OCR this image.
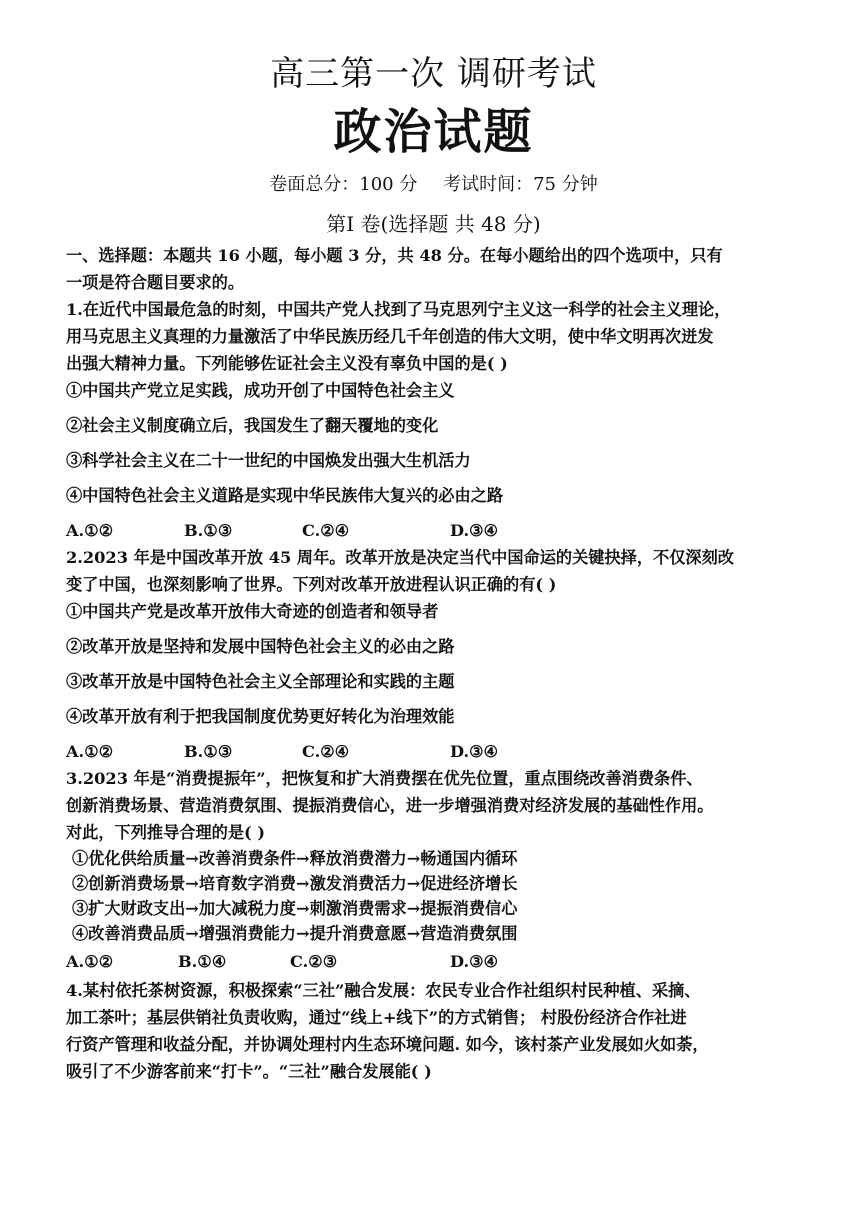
高三第一次 调研考试
政治试题
卷面总分：100 分 考试时间：75 分钟
第Ⅰ 卷(选择题 共 48 分)
一、选择题：本题共 16 小题，每小题 3 分，共 48 分。在每小题给出的四个选项中，只有
一项是符合题目要求的。
1.在近代中国最危急的时刻，中国共产党人找到了马克思列宁主义这一科学的社会主义理论，
用马克思主义真理的力量激活了中华民族历经几千年创造的伟大文明，使中华文明再次迸发
出强大精神力量。下列能够佐证社会主义没有辜负中国的是( )
①中国共产党立足实践，成功开创了中国特色社会主义
②社会主义制度确立后，我国发生了翻天覆地的变化
③科学社会主义在二十一世纪的中国焕发出强大生机活力
④中国特色社会主义道路是实现中华民族伟大复兴的必由之路
A.①②	B.①③	C.②④	D.③④
2.2023 年是中国改革开放 45 周年。改革开放是决定当代中国命运的关键抉择，不仅深刻改
变了中国，也深刻影响了世界。下列对改革开放进程认识正确的有( )
①中国共产党是改革开放伟大奇迹的创造者和领导者
②改革开放是坚持和发展中国特色社会主义的必由之路
③改革开放是中国特色社会主义全部理论和实践的主题
④改革开放有利于把我国制度优势更好转化为治理效能
A.①②	B.①③	C.②④	D.③④
3.2023 年是“消费提振年”，把恢复和扩大消费摆在优先位置，重点围绕改善消费条件、
创新消费场景、营造消费氛围、提振消费信心，进一步增强消费对经济发展的基础性作用。
对此，下列推导合理的是( )
①优化供给质量→改善消费条件→释放消费潜力→畅通国内循环
②创新消费场景→培育数字消费→激发消费活力→促进经济增长
③扩大财政支出→加大减税力度→刺激消费需求→提振消费信心
④改善消费品质→增强消费能力→提升消费意愿→营造消费氛围
A.①②	B.①④	C.②③	D.③④
4.某村依托茶树资源，积极探索“三社”融合发展：农民专业合作社组织村民种植、采摘、
加工茶叶；基层供销社负责收购，通过“线上+线下”的方式销售； 村股份经济合作社进
行资产管理和收益分配，并协调处理村内生态环境问题. 如今，该村茶产业发展如火如荼，
吸引了不少游客前来“打卡”。“三社”融合发展能( )
